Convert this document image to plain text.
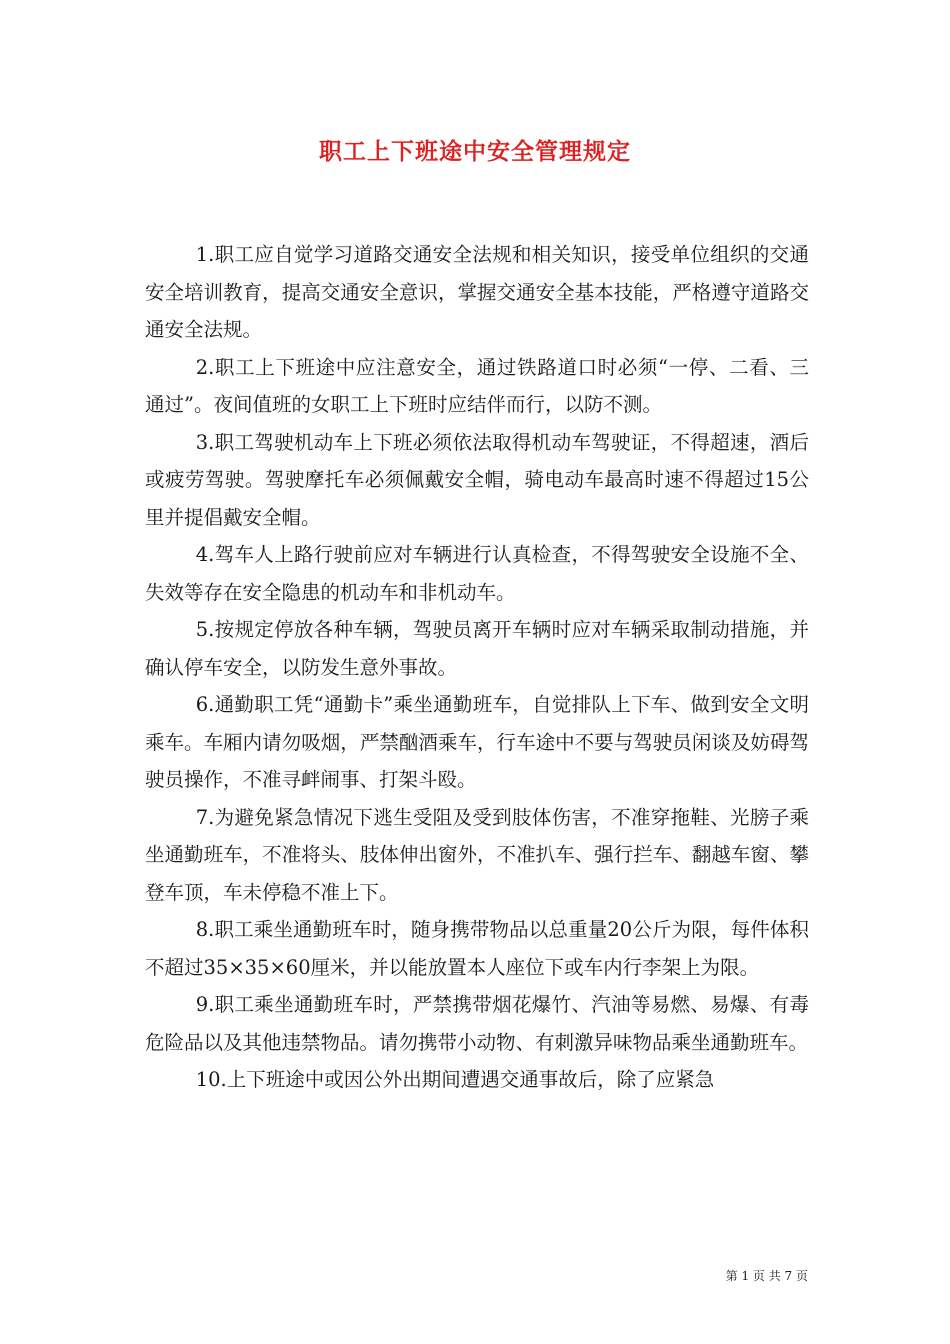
职工上下班途中安全管理规定

1.职工应自觉学习道路交通安全法规和相关知识，接受单位组织的交通安全培训教育，提高交通安全意识，掌握交通安全基本技能，严格遵守道路交通安全法规。

2.职工上下班途中应注意安全，通过铁路道口时必须“一停、二看、三通过”。夜间值班的女职工上下班时应结伴而行，以防不测。

3.职工驾驶机动车上下班必须依法取得机动车驾驶证，不得超速，酒后或疲劳驾驶。驾驶摩托车必须佩戴安全帽，骑电动车最高时速不得超过15公里并提倡戴安全帽。

4.驾车人上路行驶前应对车辆进行认真检查，不得驾驶安全设施不全、失效等存在安全隐患的机动车和非机动车。

5.按规定停放各种车辆，驾驶员离开车辆时应对车辆采取制动措施，并确认停车安全，以防发生意外事故。

6.通勤职工凭“通勤卡”乘坐通勤班车，自觉排队上下车、做到安全文明乘车。车厢内请勿吸烟，严禁酗酒乘车，行车途中不要与驾驶员闲谈及妨碍驾驶员操作，不准寻衅闹事、打架斗殴。

7.为避免紧急情况下逃生受阻及受到肢体伤害，不准穿拖鞋、光膀子乘坐通勤班车，不准将头、肢体伸出窗外，不准扒车、强行拦车、翻越车窗、攀登车顶，车未停稳不准上下。

8.职工乘坐通勤班车时，随身携带物品以总重量20公斤为限，每件体积不超过35×35×60厘米，并以能放置本人座位下或车内行李架上为限。

9.职工乘坐通勤班车时，严禁携带烟花爆竹、汽油等易燃、易爆、有毒危险品以及其他违禁物品。请勿携带小动物、有刺激异味物品乘坐通勤班车。

10.上下班途中或因公外出期间遭遇交通事故后，除了应紧急

第 1 页 共 7 页
